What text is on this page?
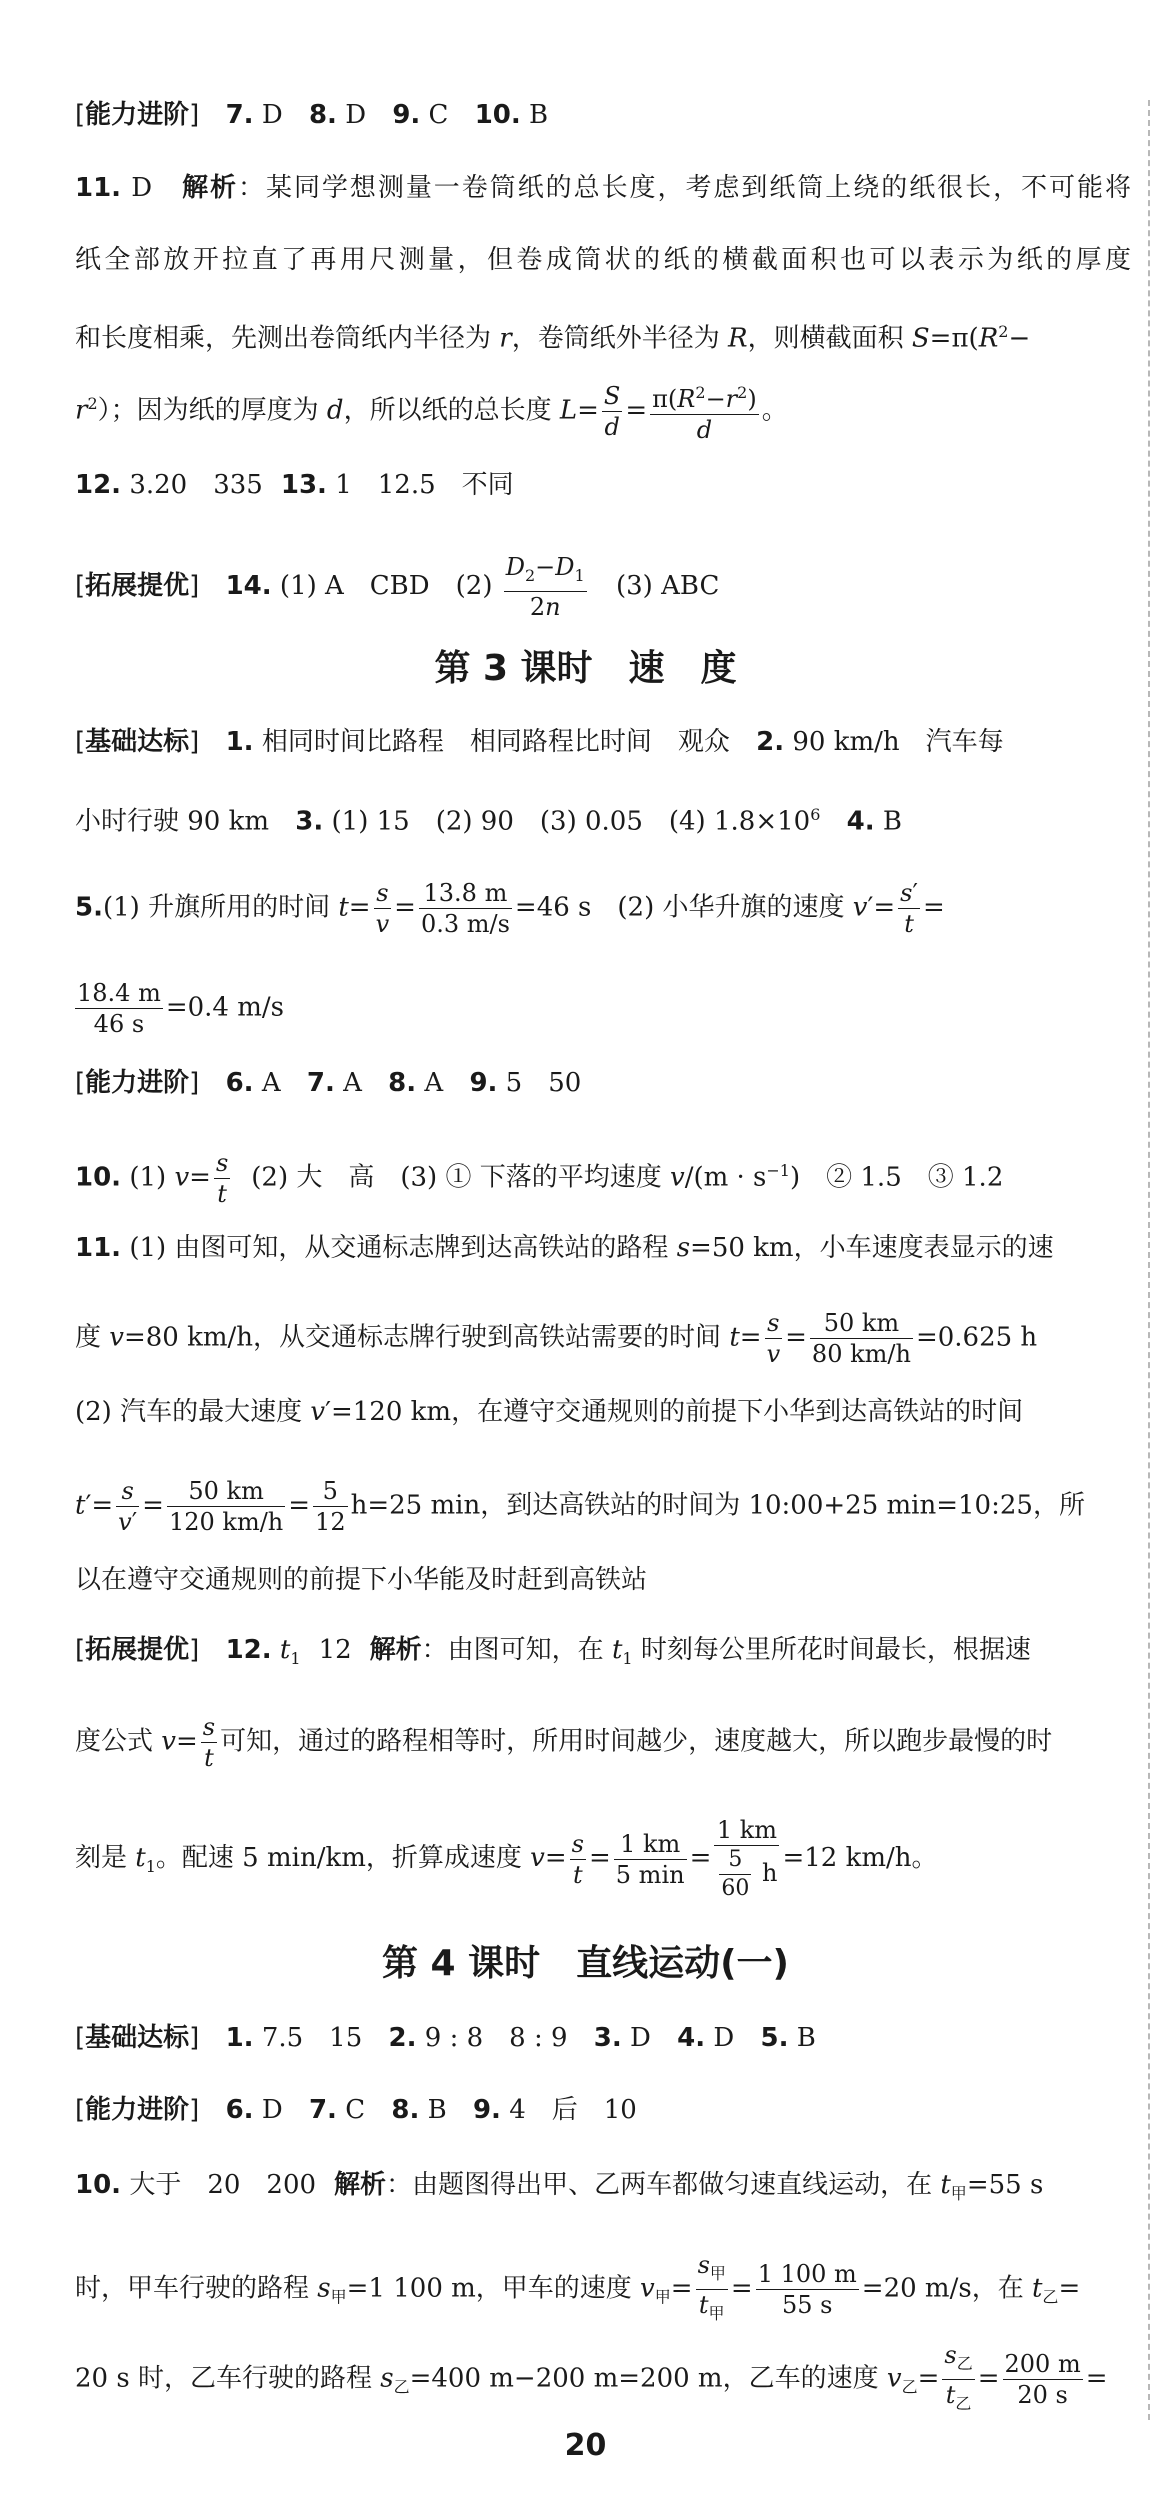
[ 能力进阶 ] 7. D 8. D 9. C 10. B
11. D　 解析：某同学想测量一卷筒纸的总长度，考虑到纸筒上绕的纸很长，不可能将
纸全部放开拉直了再用尺测量，但卷成筒状的纸的横截面积也可以表示为纸的厚度
和长度相乘，先测出卷筒纸内半径为 r，卷筒纸外半径为 R，则横截面积 $S=\pi(R^2-$
$r^2$）；因为纸的厚度为 d，所以纸的总长度 $L= \frac{S}{d} = \frac{\pi(R^2-r^2)}{d}$ 。
12. 3.20　335 13. 1　12.5　不同
[ 拓展提优 ] 14. (1) A　CBD　$(2) \frac{D_2-D_1}{2n} (3)$ ABC
第 3 课时　速　度
[ 基础达标 ] 1. 相同时间比路程　相同路程比时间　观众 2. 90 km/h　汽车每
小时行驶 90 km 3. (1) 15　(2) 90　(3) 0.05　(4) $1.8\times 10^6$ 4. B
5.(1) 升旗所用的时间 $t= \frac{s}{v} = \frac{13.8 m}{0.3 m/s} =46$ s　(2) 小华升旗的速度 $v'= \frac{s'}{t}$ =
$\frac{18.4 m}{46 s} =0.4$ m/s
[ 能力进阶 ] 6. A 7. A 8. A 9. 5　50
10. (1) $v= \frac{s}{t} (2)$ 大　高　(3) ① 下落的平均速度 $v/(m \cdot s^{-1})$　② 1.5　③ 1.2
11. (1) 由图可知，从交通标志牌到达高铁站的路程 s=50 km，小车速度表显示的速
度 v=80 km/h，从交通标志牌行驶到高铁站需要的时间 $t= \frac{s}{v} = \frac{50 km}{80 km/h} =0.625$ h
(2) 汽车的最大速度 v′=120 km，在遵守交通规则的前提下小华到达高铁站的时间
$t'= \frac{s}{v'} = \frac{50 km}{120 km/h} = \frac{5}{12} h=25$ min，到达高铁站的时间为 10:00+25 min=10:25，所
以在遵守交通规则的前提下小华能及时赶到高铁站
[ 拓展提优 ] 12. $t_1$ 12 解析：由图可知，在 $t_1$ 时刻每公里所花时间最长，根据速
度公式 $v= \frac{s}{t}$ 可知，通过的路程相等时，所用时间越少，速度越大，所以跑步最慢的时
刻是 $t_1$。配速 5 min/km，折算成速度 $v= \frac{s}{t} = \frac{1 km}{5 \min} = \frac{1 km}{\frac{5}{60} h} =12$ km/h。
第 4 课时　直线运动(一)
[ 基础达标 ] 1. 7.5　15 2. 9 : 8　8 : 9 3. D 4. D 5. B
[ 能力进阶 ] 6. D 7. C 8. B 9. 4　后　10
10. 大于　20　200 解析：由题图得出甲、乙两车都做匀速直线运动，在 $t_甲=55$ s
时，甲车行驶的路程 $s_甲=1$ 100 m，甲车的速度 $v_甲= \frac{s_甲}{t_甲} = \frac{1 100 m}{55 s} =20$ m/s，在 $t_乙=$
20 s 时，乙车行驶的路程 $s_乙=400$ m−200 m=200 m，乙车的速度 $v_乙= \frac{s_乙}{t_乙} = \frac{200 m}{20 s}$ =
20
